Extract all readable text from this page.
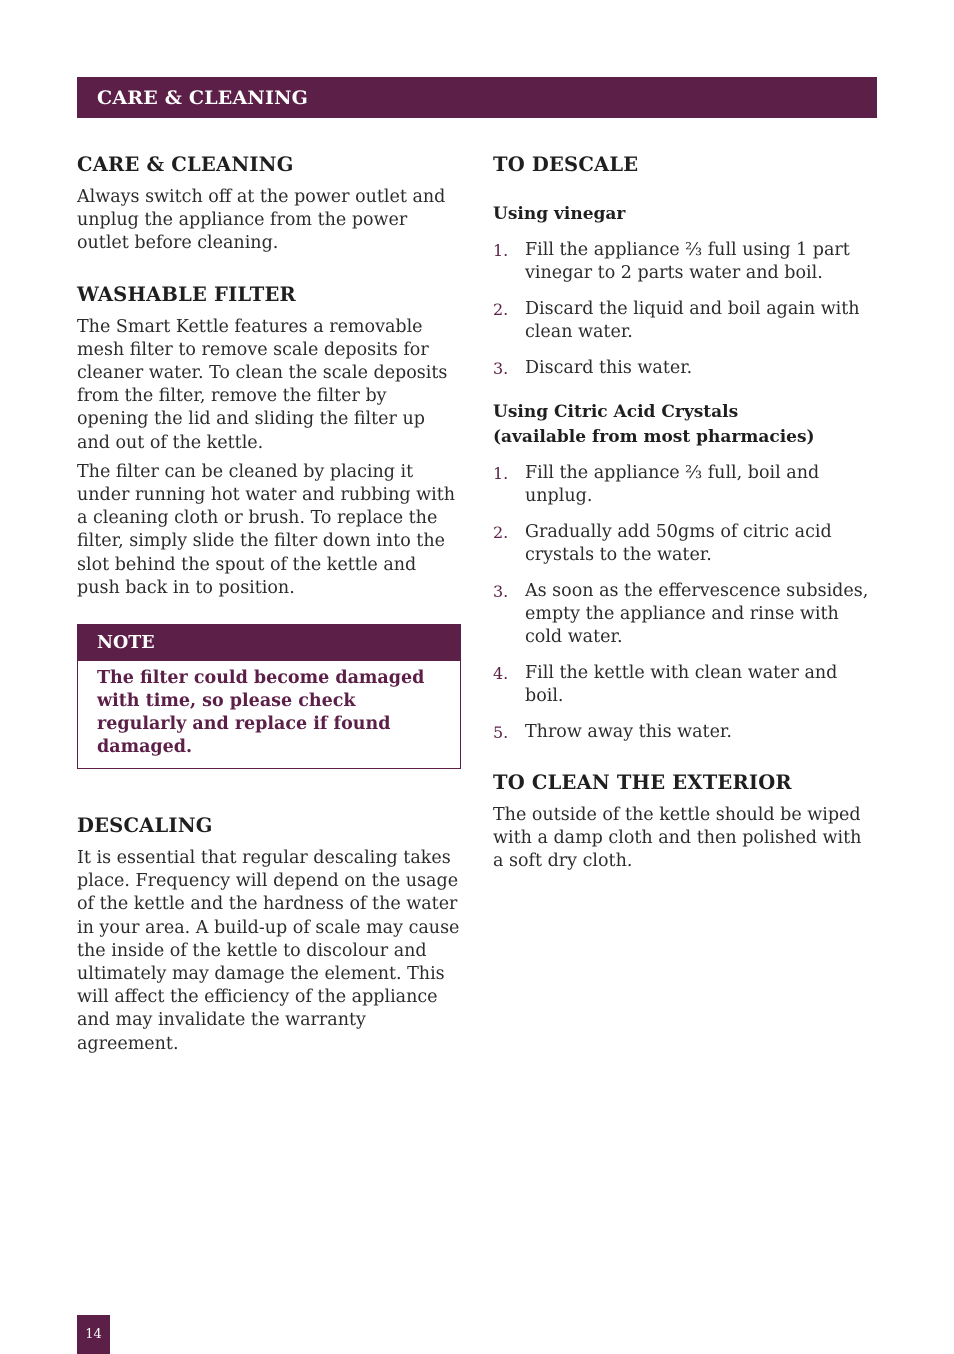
CARE & CLEANING
CARE & CLEANING

Always switch off at the power outlet and unplug the appliance from the power outlet before cleaning.

WASHABLE FILTER

The Smart Kettle features a removable mesh filter to remove scale deposits for cleaner water. To clean the scale deposits from the filter, remove the filter by opening the lid and sliding the filter up and out of the kettle.

The filter can be cleaned by placing it under running hot water and rubbing with a cleaning cloth or brush. To replace the filter, simply slide the filter down into the slot behind the spout of the kettle and push back in to position.

NOTE
The filter could become damaged with time, so please check regularly and replace if found damaged.
DESCALING

It is essential that regular descaling takes place. Frequency will depend on the usage of the kettle and the hardness of the water in your area. A build-up of scale may cause the inside of the kettle to discolour and ultimately may damage the element. This will affect the efficiency of the appliance and may invalidate the warranty agreement.

TO DESCALE
Using vinegar
1. Fill the appliance ⅔ full using 1 part vinegar to 2 parts water and boil.
2. Discard the liquid and boil again with clean water.
3. Discard this water.
Using Citric Acid Crystals
(available from most pharmacies)
1. Fill the appliance ⅔ full, boil and unplug.
2. Gradually add 50gms of citric acid crystals to the water.
3. As soon as the effervescence subsides, empty the appliance and rinse with cold water.
4. Fill the kettle with clean water and boil.
5. Throw away this water.
TO CLEAN THE EXTERIOR

The outside of the kettle should be wiped with a damp cloth and then polished with a soft dry cloth.

14
